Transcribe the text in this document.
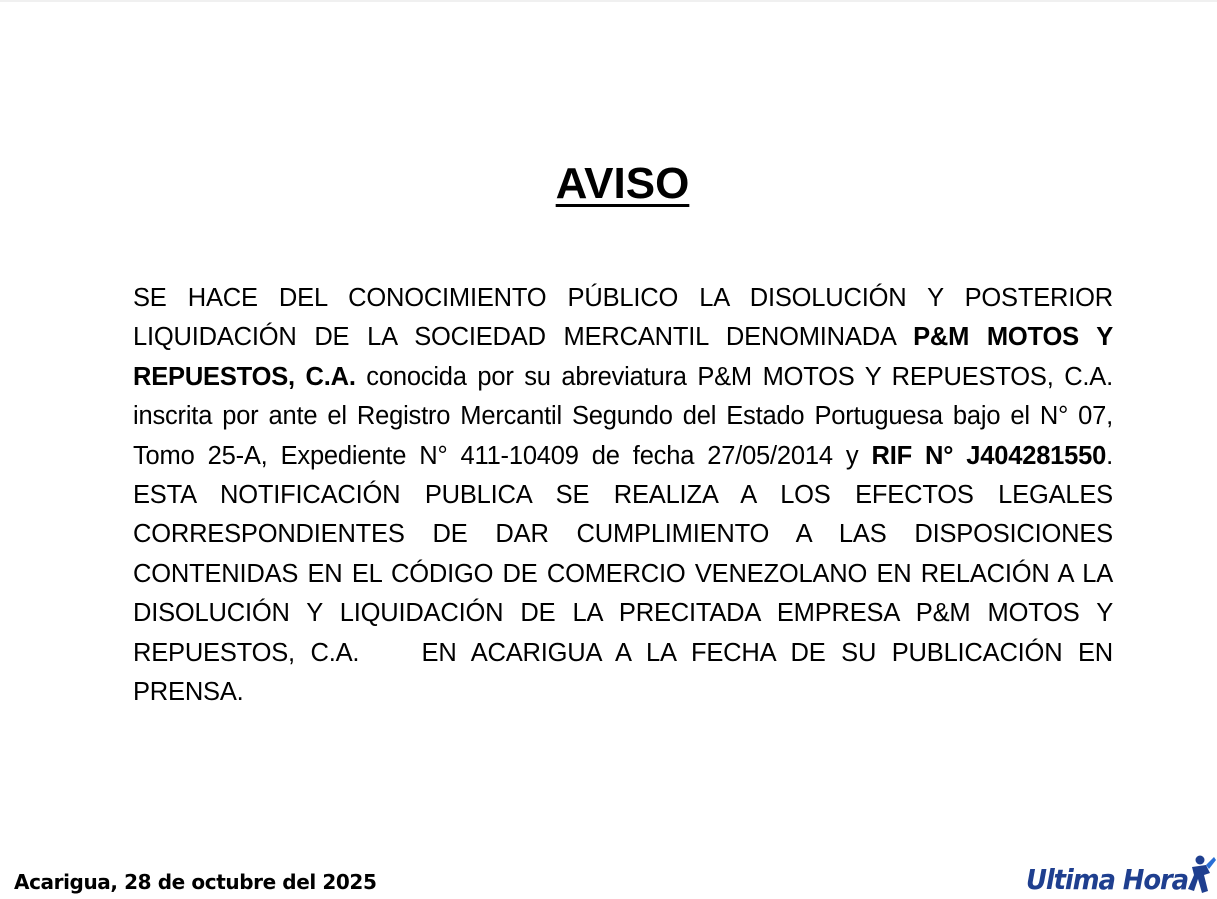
AVISO

SE HACE DEL CONOCIMIENTO PÚBLICO LA DISOLUCIÓN Y POSTERIOR LIQUIDACIÓN DE LA SOCIEDAD MERCANTIL DENOMINADA P&M MOTOS Y REPUESTOS, C.A. conocida por su abreviatura P&M MOTOS Y REPUESTOS, C.A. inscrita por ante el Registro Mercantil Segundo del Estado Portuguesa bajo el N° 07, Tomo 25-A, Expediente N° 411-10409 de fecha 27/05/2014 y RIF N° J404281550. ESTA NOTIFICACIÓN PUBLICA SE REALIZA A LOS EFECTOS LEGALES CORRESPONDIENTES DE DAR CUMPLIMIENTO A LAS DISPOSICIONES CONTENIDAS EN EL CÓDIGO DE COMERCIO VENEZOLANO EN RELACIÓN A LA DISOLUCIÓN Y LIQUIDACIÓN DE LA PRECITADA EMPRESA P&M MOTOS Y REPUESTOS, C.A.    EN ACARIGUA A LA FECHA DE SU PUBLICACIÓN EN PRENSA.

Acarigua, 28 de octubre del 2025	Ultima Hora
